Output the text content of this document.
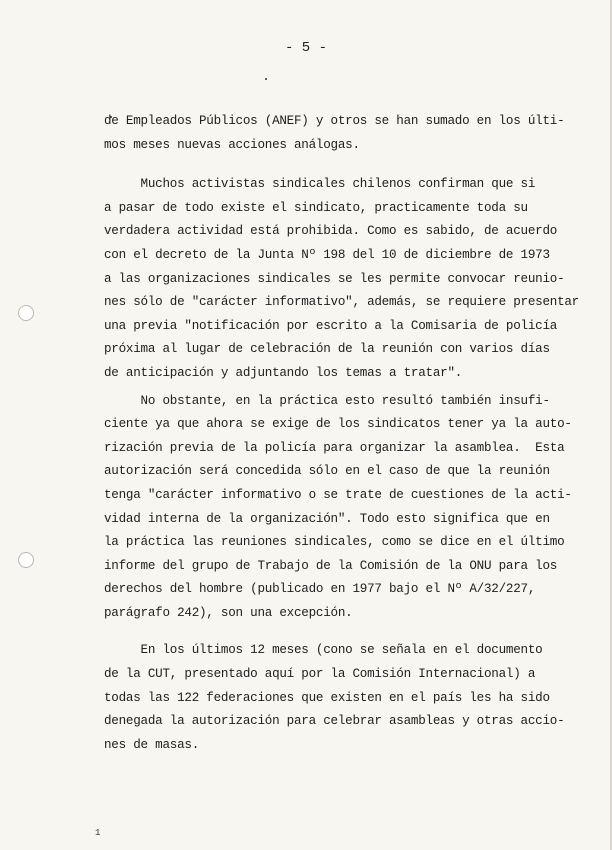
- 5 -
de Empleados Públicos (ANEF) y otros se han sumado en los últi-
mos meses nuevas acciones análogas.
Muchos activistas sindicales chilenos confirman que si
a pasar de todo existe el sindicato, practicamente toda su
verdadera actividad está prohibida. Como es sabido, de acuerdo
con el decreto de la Junta Nº 198 del 10 de diciembre de 1973
a las organizaciones sindicales se les permite convocar reunio-
nes sólo de "carácter informativo", además, se requiere presentar
una previa "notificación por escrito a la Comisaria de policía
próxima al lugar de celebración de la reunión con varios días
de anticipación y adjuntando los temas a tratar".
No obstante, en la práctica esto resultó también insufi-
ciente ya que ahora se exige de los sindicatos tener ya la auto-
rización previa de la policía para organizar la asamblea.  Esta
autorización será concedida sólo en el caso de que la reunión
tenga "carácter informativo o se trate de cuestiones de la acti-
vidad interna de la organización". Todo esto significa que en
la práctica las reuniones sindicales, como se dice en el último
informe del grupo de Trabajo de la Comisión de la ONU para los
derechos del hombre (publicado en 1977 bajo el Nº A/32/227,
parágrafo 242), son una excepción.
En los últimos 12 meses (cono se señala en el documento
de la CUT, presentado aquí por la Comisión Internacional) a
todas las 122 federaciones que existen en el país les ha sido
denegada la autorización para celebrar asambleas y otras accio-
nes de masas.
1
